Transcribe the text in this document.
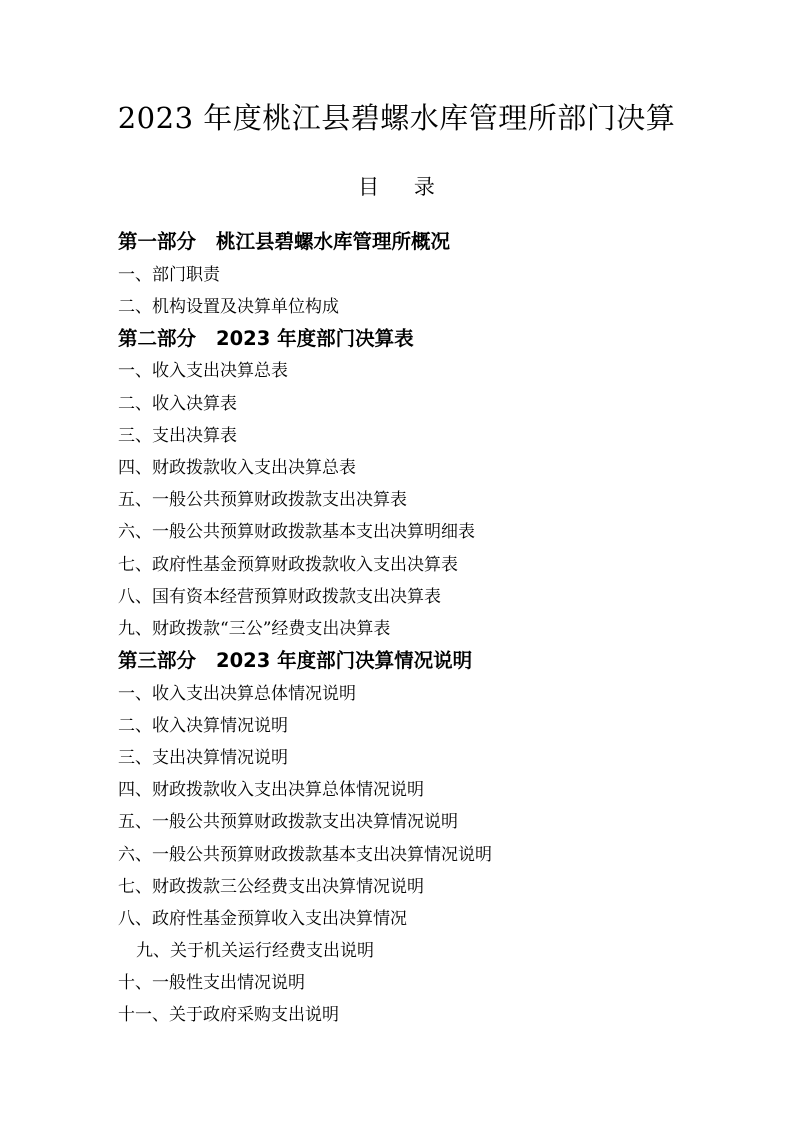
2023 年度桃江县碧螺水库管理所部门决算
目 录
第一部分 桃江县碧螺水库管理所概况
一、部门职责
二、机构设置及决算单位构成
第二部分 2023 年度部门决算表
一、收入支出决算总表
二、收入决算表
三、支出决算表
四、财政拨款收入支出决算总表
五、一般公共预算财政拨款支出决算表
六、一般公共预算财政拨款基本支出决算明细表
七、政府性基金预算财政拨款收入支出决算表
八、国有资本经营预算财政拨款支出决算表
九、财政拨款“三公”经费支出决算表
第三部分 2023 年度部门决算情况说明
一、收入支出决算总体情况说明
二、收入决算情况说明
三、支出决算情况说明
四、财政拨款收入支出决算总体情况说明
五、一般公共预算财政拨款支出决算情况说明
六、一般公共预算财政拨款基本支出决算情况说明
七、财政拨款三公经费支出决算情况说明
八、政府性基金预算收入支出决算情况
九、关于机关运行经费支出说明
十、一般性支出情况说明
十一、关于政府采购支出说明
